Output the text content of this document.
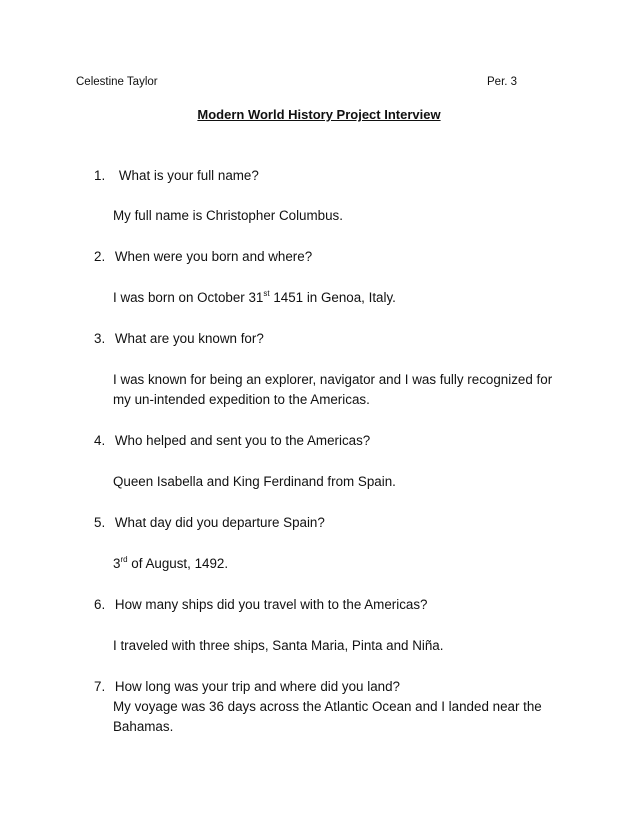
Celestine Taylor	Per. 3
Modern World History Project Interview
1. What is your full name?
My full name is Christopher Columbus.
2. When were you born and where?
I was born on October 31st 1451 in Genoa, Italy.
3. What are you known for?
I was known for being an explorer, navigator and I was fully recognized for
my un-intended expedition to the Americas.
4. Who helped and sent you to the Americas?
Queen Isabella and King Ferdinand from Spain.
5. What day did you departure Spain?
3rd of August, 1492.
6. How many ships did you travel with to the Americas?
I traveled with three ships, Santa Maria, Pinta and Niña.
7. How long was your trip and where did you land?
My voyage was 36 days across the Atlantic Ocean and I landed near the
Bahamas.
